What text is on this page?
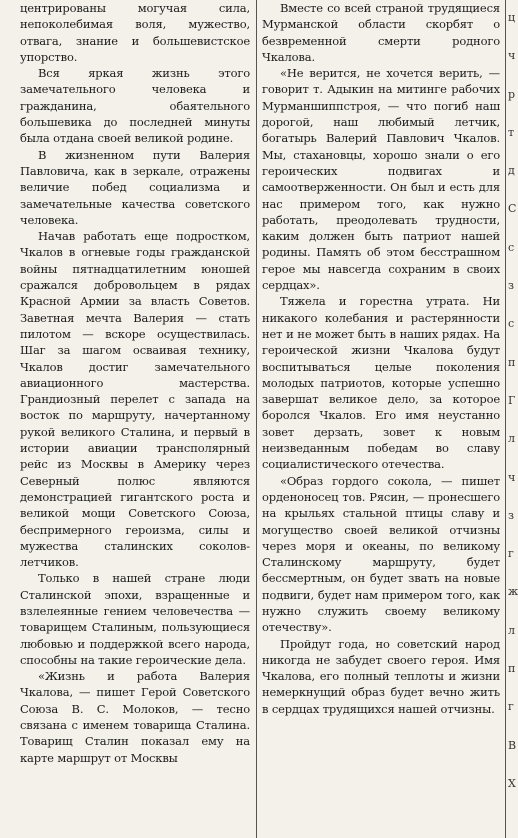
центрированы могучая сила, непоколебимая воля, мужество, отвага, знание и большевистское упорство.

Вся яркая жизнь этого замечательного человека и гражданина, обаятельного большевика до последней минуты была отдана своей великой родине.

В жизненном пути Валерия Павловича, как в зеркале, отражены величие побед социализма и замечательные качества советского человека.

Начав работать еще подростком, Чкалов в огневые годы гражданской войны пятнадцатилетним юношей сражался добровольцем в рядах Красной Армии за власть Советов. Заветная мечта Валерия — стать пилотом — вскоре осуществилась. Шаг за шагом осваивая технику, Чкалов достиг замечательного авиационного мастерства. Грандиозный перелет с запада на восток по маршруту, начертанному рукой великого Сталина, и первый в истории авиации трансполярный рейс из Москвы в Америку через Северный полюс являются демонстрацией гигантского роста и великой мощи Советского Союза, беспримерного героизма, силы и мужества сталинских соколов-летчиков.

Только в нашей стране люди Сталинской эпохи, взращенные и взлелеянные гением человечества — товарищем Сталиным, пользующиеся любовью и поддержкой всего народа, способны на такие героические дела.

«Жизнь и работа Валерия Чкалова, — пишет Герой Советского Союза В. С. Молоков, — тесно связана с именем товарища Сталина. Товарищ Сталин показал ему на карте маршрут от Москвы

Вместе со всей страной трудящиеся Мурманской области скорбят о безвременной смерти родного Чкалова.

«Не верится, не хочется верить, — говорит т. Адыкин на митинге рабочих Мурманшиппстроя, — что погиб наш дорогой, наш любимый летчик, богатырь Валерий Павлович Чкалов. Мы, стахановцы, хорошо знали о его героических подвигах и самоотверженности. Он был и есть для нас примером того, как нужно работать, преодолевать трудности, каким должен быть патриот нашей родины. Память об этом бесстрашном герое мы навсегда сохраним в своих сердцах».

Тяжела и горестна утрата. Ни никакого колебания и растерянности нет и не может быть в наших рядах. На героической жизни Чкалова будут воспитываться целые поколения молодых патриотов, которые успешно завершат великое дело, за которое боролся Чкалов. Его имя неустанно зовет дерзать, зовет к новым неизведанным победам во славу социалистического отечества.

«Образ гордого сокола, — пишет орденоносец тов. Рясин, — пронесшего на крыльях стальной птицы славу и могущество своей великой отчизны через моря и океаны, по великому Сталинскому маршруту, будет бессмертным, он будет звать на новые подвиги, будет нам примером того, как нужно служить своему великому отечеству».

Пройдут года, но советский народ никогда не забудет своего героя. Имя Чкалова, его полный теплоты и жизни немеркнущий образ будет вечно жить в сердцах трудящихся нашей отчизны.

ц
ч
р
т
д
С
с
з
с
п
Г
л
ч
з
г
ж
л
п
г
В
Х
